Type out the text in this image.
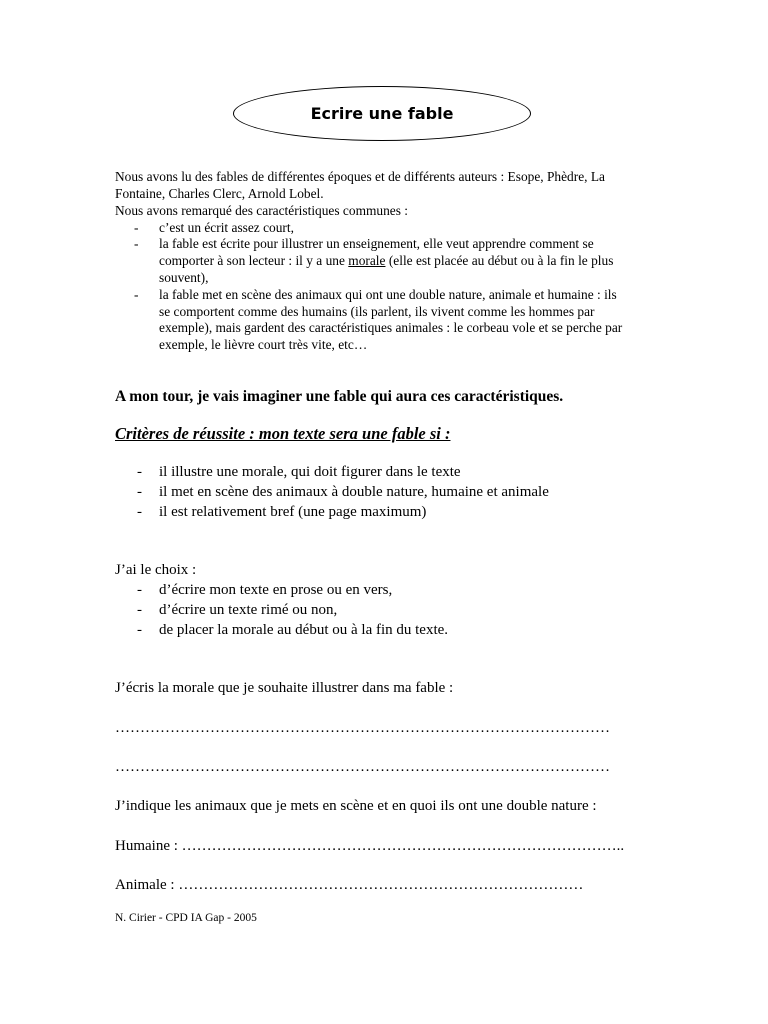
Ecrire une fable
Nous avons lu des fables de différentes époques et de différents auteurs : Esope, Phèdre, La
Fontaine, Charles Clerc, Arnold Lobel.
Nous avons remarqué des caractéristiques communes :
- c’est un écrit assez court,
- la fable est écrite pour illustrer un enseignement, elle veut apprendre comment se
comporter à son lecteur : il y a une morale (elle est placée au début ou à la fin le plus
souvent),
- la fable met en scène des animaux qui ont une double nature, animale et humaine : ils
se comportent comme des humains (ils parlent, ils vivent comme les hommes par
exemple), mais gardent des caractéristiques animales : le corbeau vole et se perche par
exemple, le lièvre court très vite, etc…
A mon tour, je vais imaginer une fable qui aura ces caractéristiques.
Critères de réussite : mon texte sera une fable si :
- il illustre une morale, qui doit figurer dans le texte
- il met en scène des animaux à double nature, humaine et animale
- il est relativement bref (une page maximum)
J’ai le choix :
- d’écrire mon texte en prose ou en vers,
- d’écrire un texte rimé ou non,
- de placer la morale au début ou à la fin du texte.
J’écris la morale que je souhaite illustrer dans ma fable :
………………………………………………………………………………………
………………………………………………………………………………………
J’indique les animaux que je mets en scène et en quoi ils ont une double nature :
Humaine : ……………………………………………………………………………..
Animale : ………………………………………………………………………
N. Cirier - CPD IA Gap - 2005
